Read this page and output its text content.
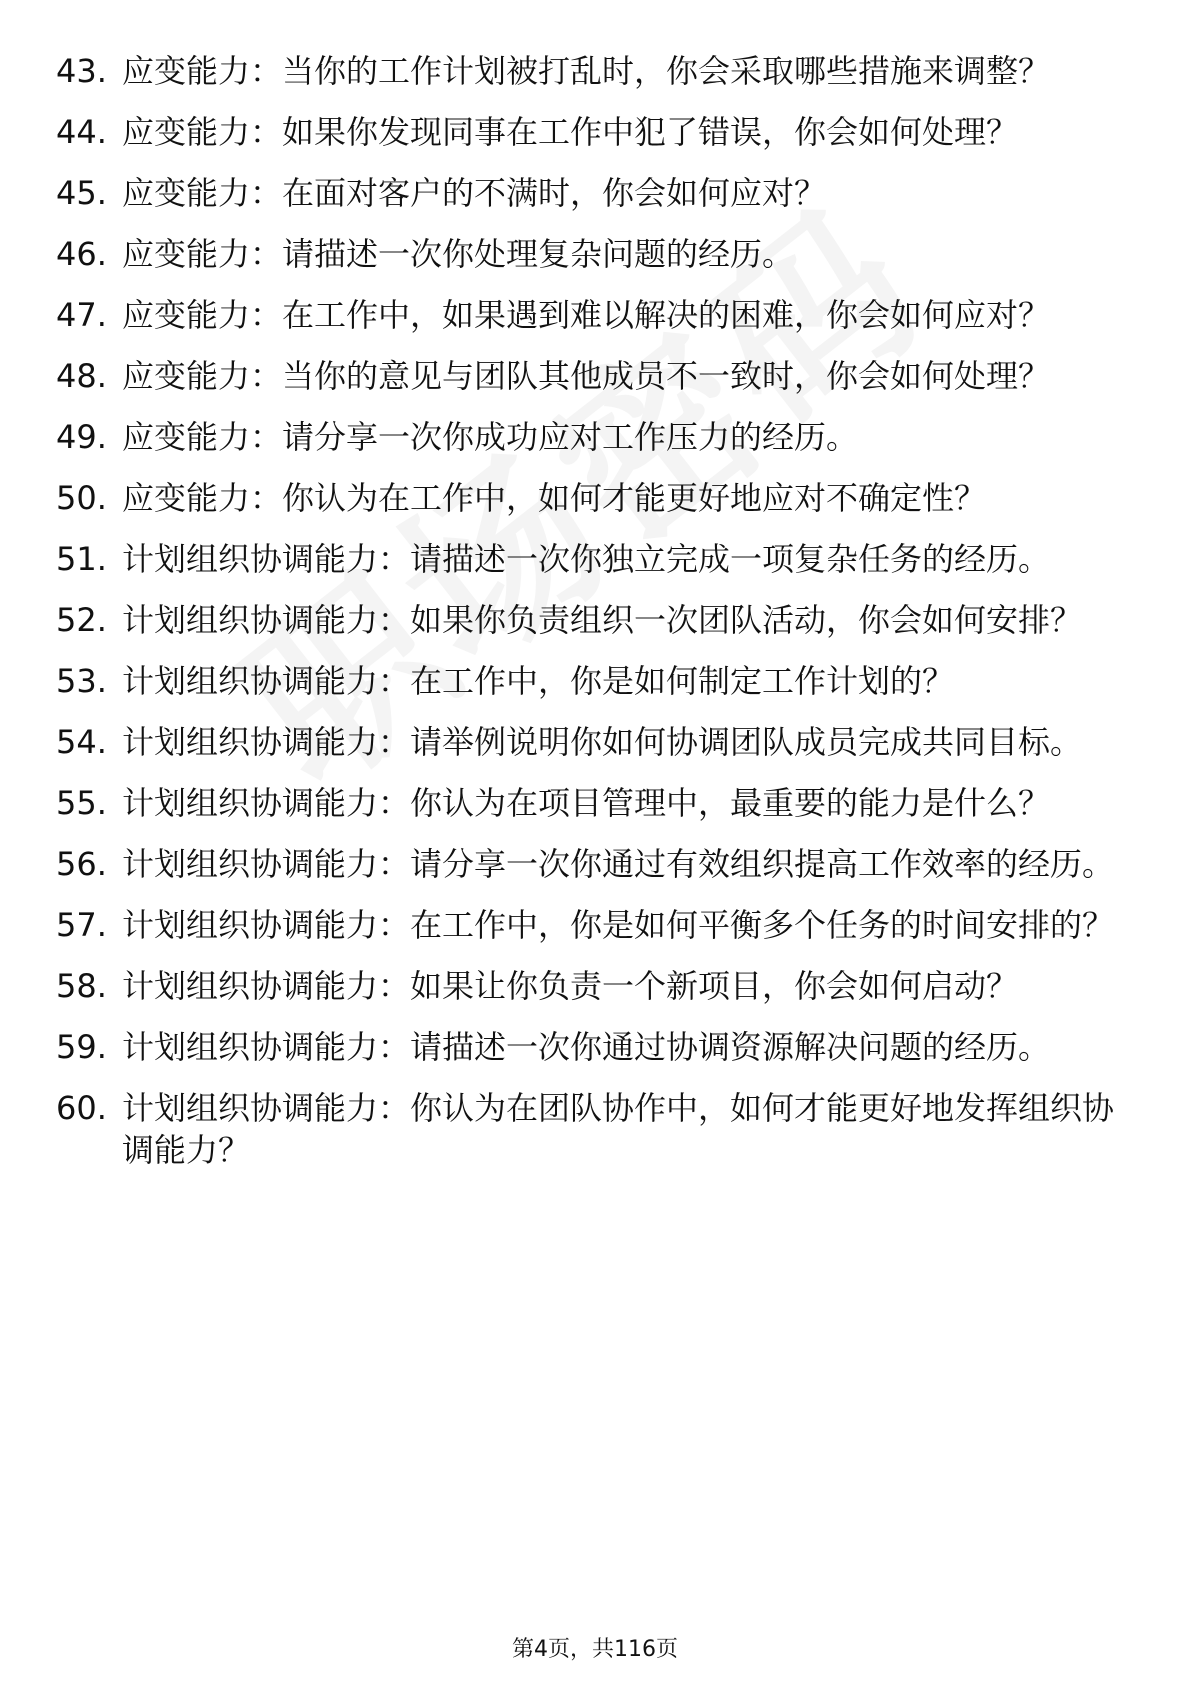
43. 应变能力：当你的工作计划被打乱时，你会采取哪些措施来调整？
44. 应变能力：如果你发现同事在工作中犯了错误，你会如何处理？
45. 应变能力：在面对客户的不满时，你会如何应对？
46. 应变能力：请描述一次你处理复杂问题的经历。
47. 应变能力：在工作中，如果遇到难以解决的困难，你会如何应对？
48. 应变能力：当你的意见与团队其他成员不一致时，你会如何处理？
49. 应变能力：请分享一次你成功应对工作压力的经历。
50. 应变能力：你认为在工作中，如何才能更好地应对不确定性？
51. 计划组织协调能力：请描述一次你独立完成一项复杂任务的经历。
52. 计划组织协调能力：如果你负责组织一次团队活动，你会如何安排？
53. 计划组织协调能力：在工作中，你是如何制定工作计划的？
54. 计划组织协调能力：请举例说明你如何协调团队成员完成共同目标。
55. 计划组织协调能力：你认为在项目管理中，最重要的能力是什么？
56. 计划组织协调能力：请分享一次你通过有效组织提高工作效率的经历。
57. 计划组织协调能力：在工作中，你是如何平衡多个任务的时间安排的？
58. 计划组织协调能力：如果让你负责一个新项目，你会如何启动？
59. 计划组织协调能力：请描述一次你通过协调资源解决问题的经历。
60. 计划组织协调能力：你认为在团队协作中，如何才能更好地发挥组织协调能力？
第4页，共116页
